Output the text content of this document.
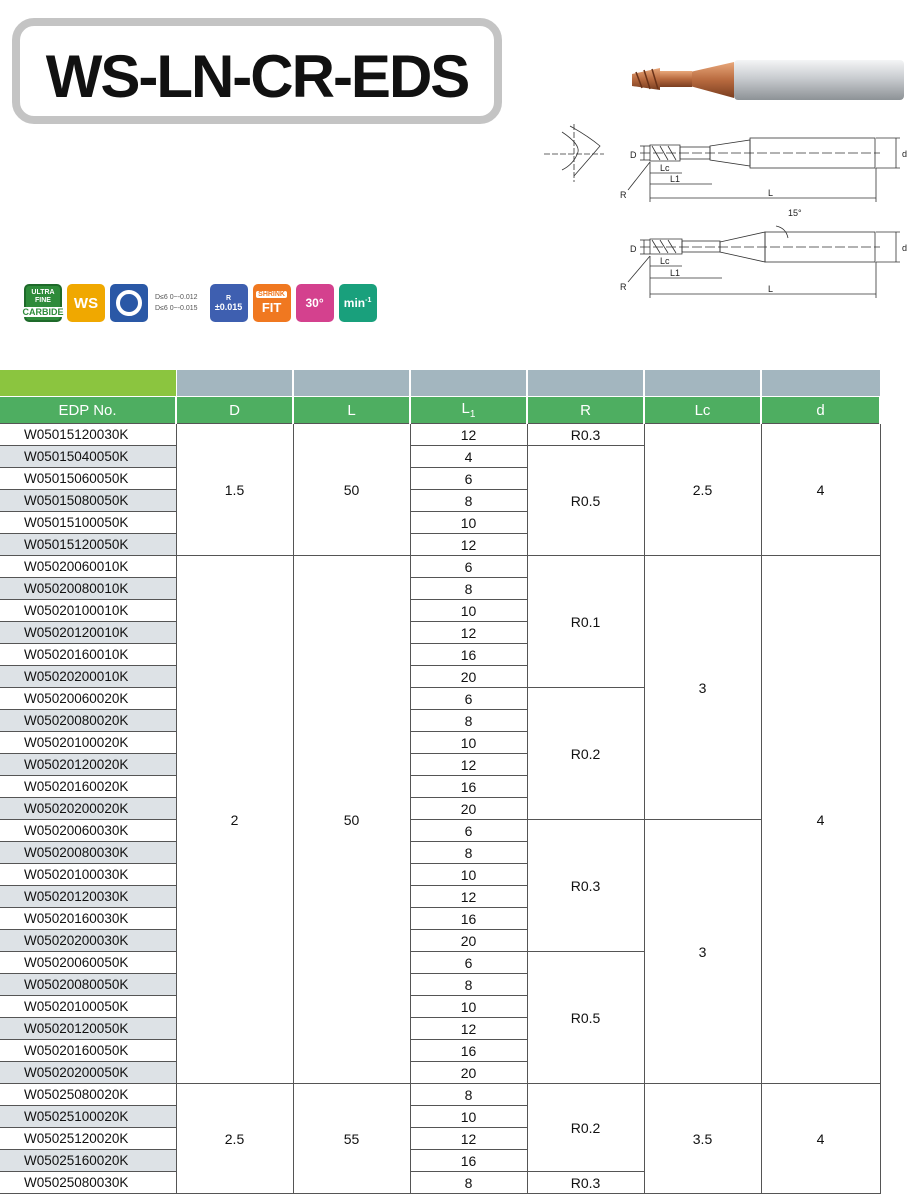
WS-LN-CR-EDS
D	d
Lc
L1
L
R
D	d
Lc
L1
L
R
15°
ULTRA FINE
CARBIDE
WS	D≤6 0~-0.012
D≤6 0~-0.015
R
±0.015
SHRINK
FIT	30°	$\min^{-1}$
EDP No.	D	L	$L_1$	R	Lc	d
W05015120030K	1.5	50	12	R0.3	2.5	4
W05015040050K			4	R0.5		
W05015060050K			6			
W05015080050K			8			
W05015100050K			10			
W05015120050K			12			
W05020060010K	2	50	6	R0.1	3	4
W05020080010K			8			
W05020100010K			10			
W05020120010K			12			
W05020160010K			16			
W05020200010K			20			
W05020060020K			6	R0.2		
W05020080020K			8			
W05020100020K			10			
W05020120020K			12			
W05020160020K			16			
W05020200020K			20			
W05020060030K			6	R0.3	3	
W05020080030K			8			
W05020100030K			10			
W05020120030K			12			
W05020160030K			16			
W05020200030K			20			
W05020060050K			6	R0.5		
W05020080050K			8			
W05020100050K			10			
W05020120050K			12			
W05020160050K			16			
W05020200050K			20			
W05025080020K	2.5	55	8	R0.2	3.5	4
W05025100020K			10			
W05025120020K			12			
W05025160020K			16			
W05025080030K			8	R0.3		
